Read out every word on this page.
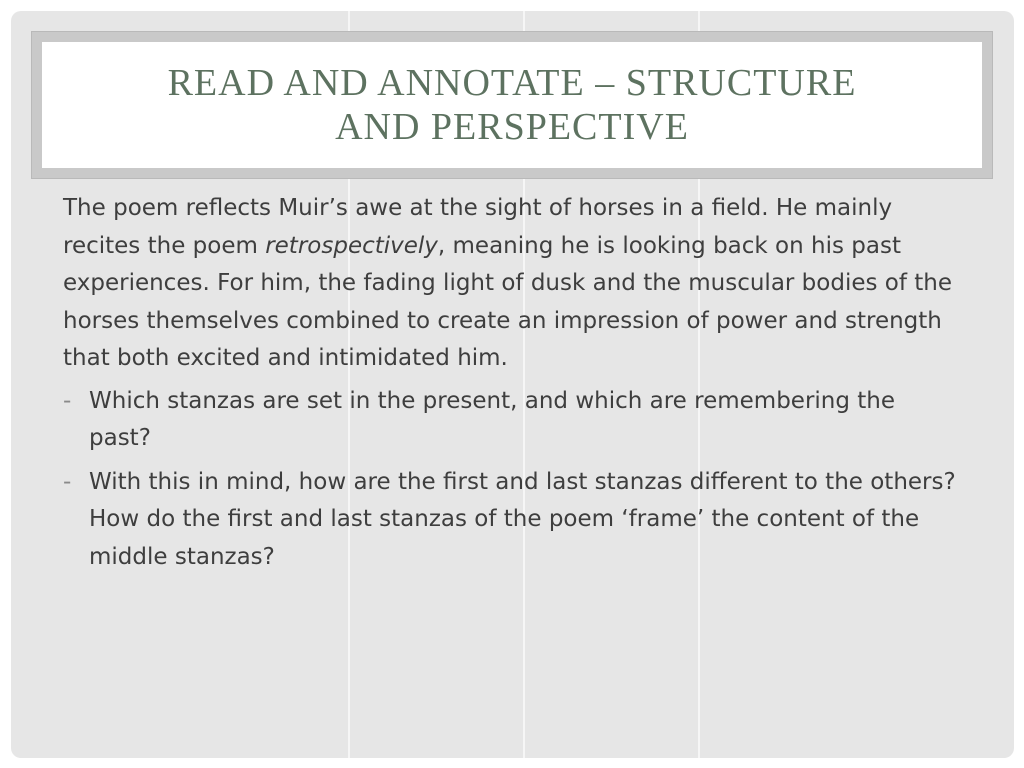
READ AND ANNOTATE – STRUCTURE
AND PERSPECTIVE

The poem reflects Muir’s awe at the sight of horses in a field. He mainly recites the poem retrospectively, meaning he is looking back on his past experiences. For him, the fading light of dusk and the muscular bodies of the horses themselves combined to create an impression of power and strength that both excited and intimidated him.

- Which stanzas are set in the present, and which are remembering the past?
- With this in mind, how are the first and last stanzas different to the others? How do the first and last stanzas of the poem ‘frame’ the content of the middle stanzas?
